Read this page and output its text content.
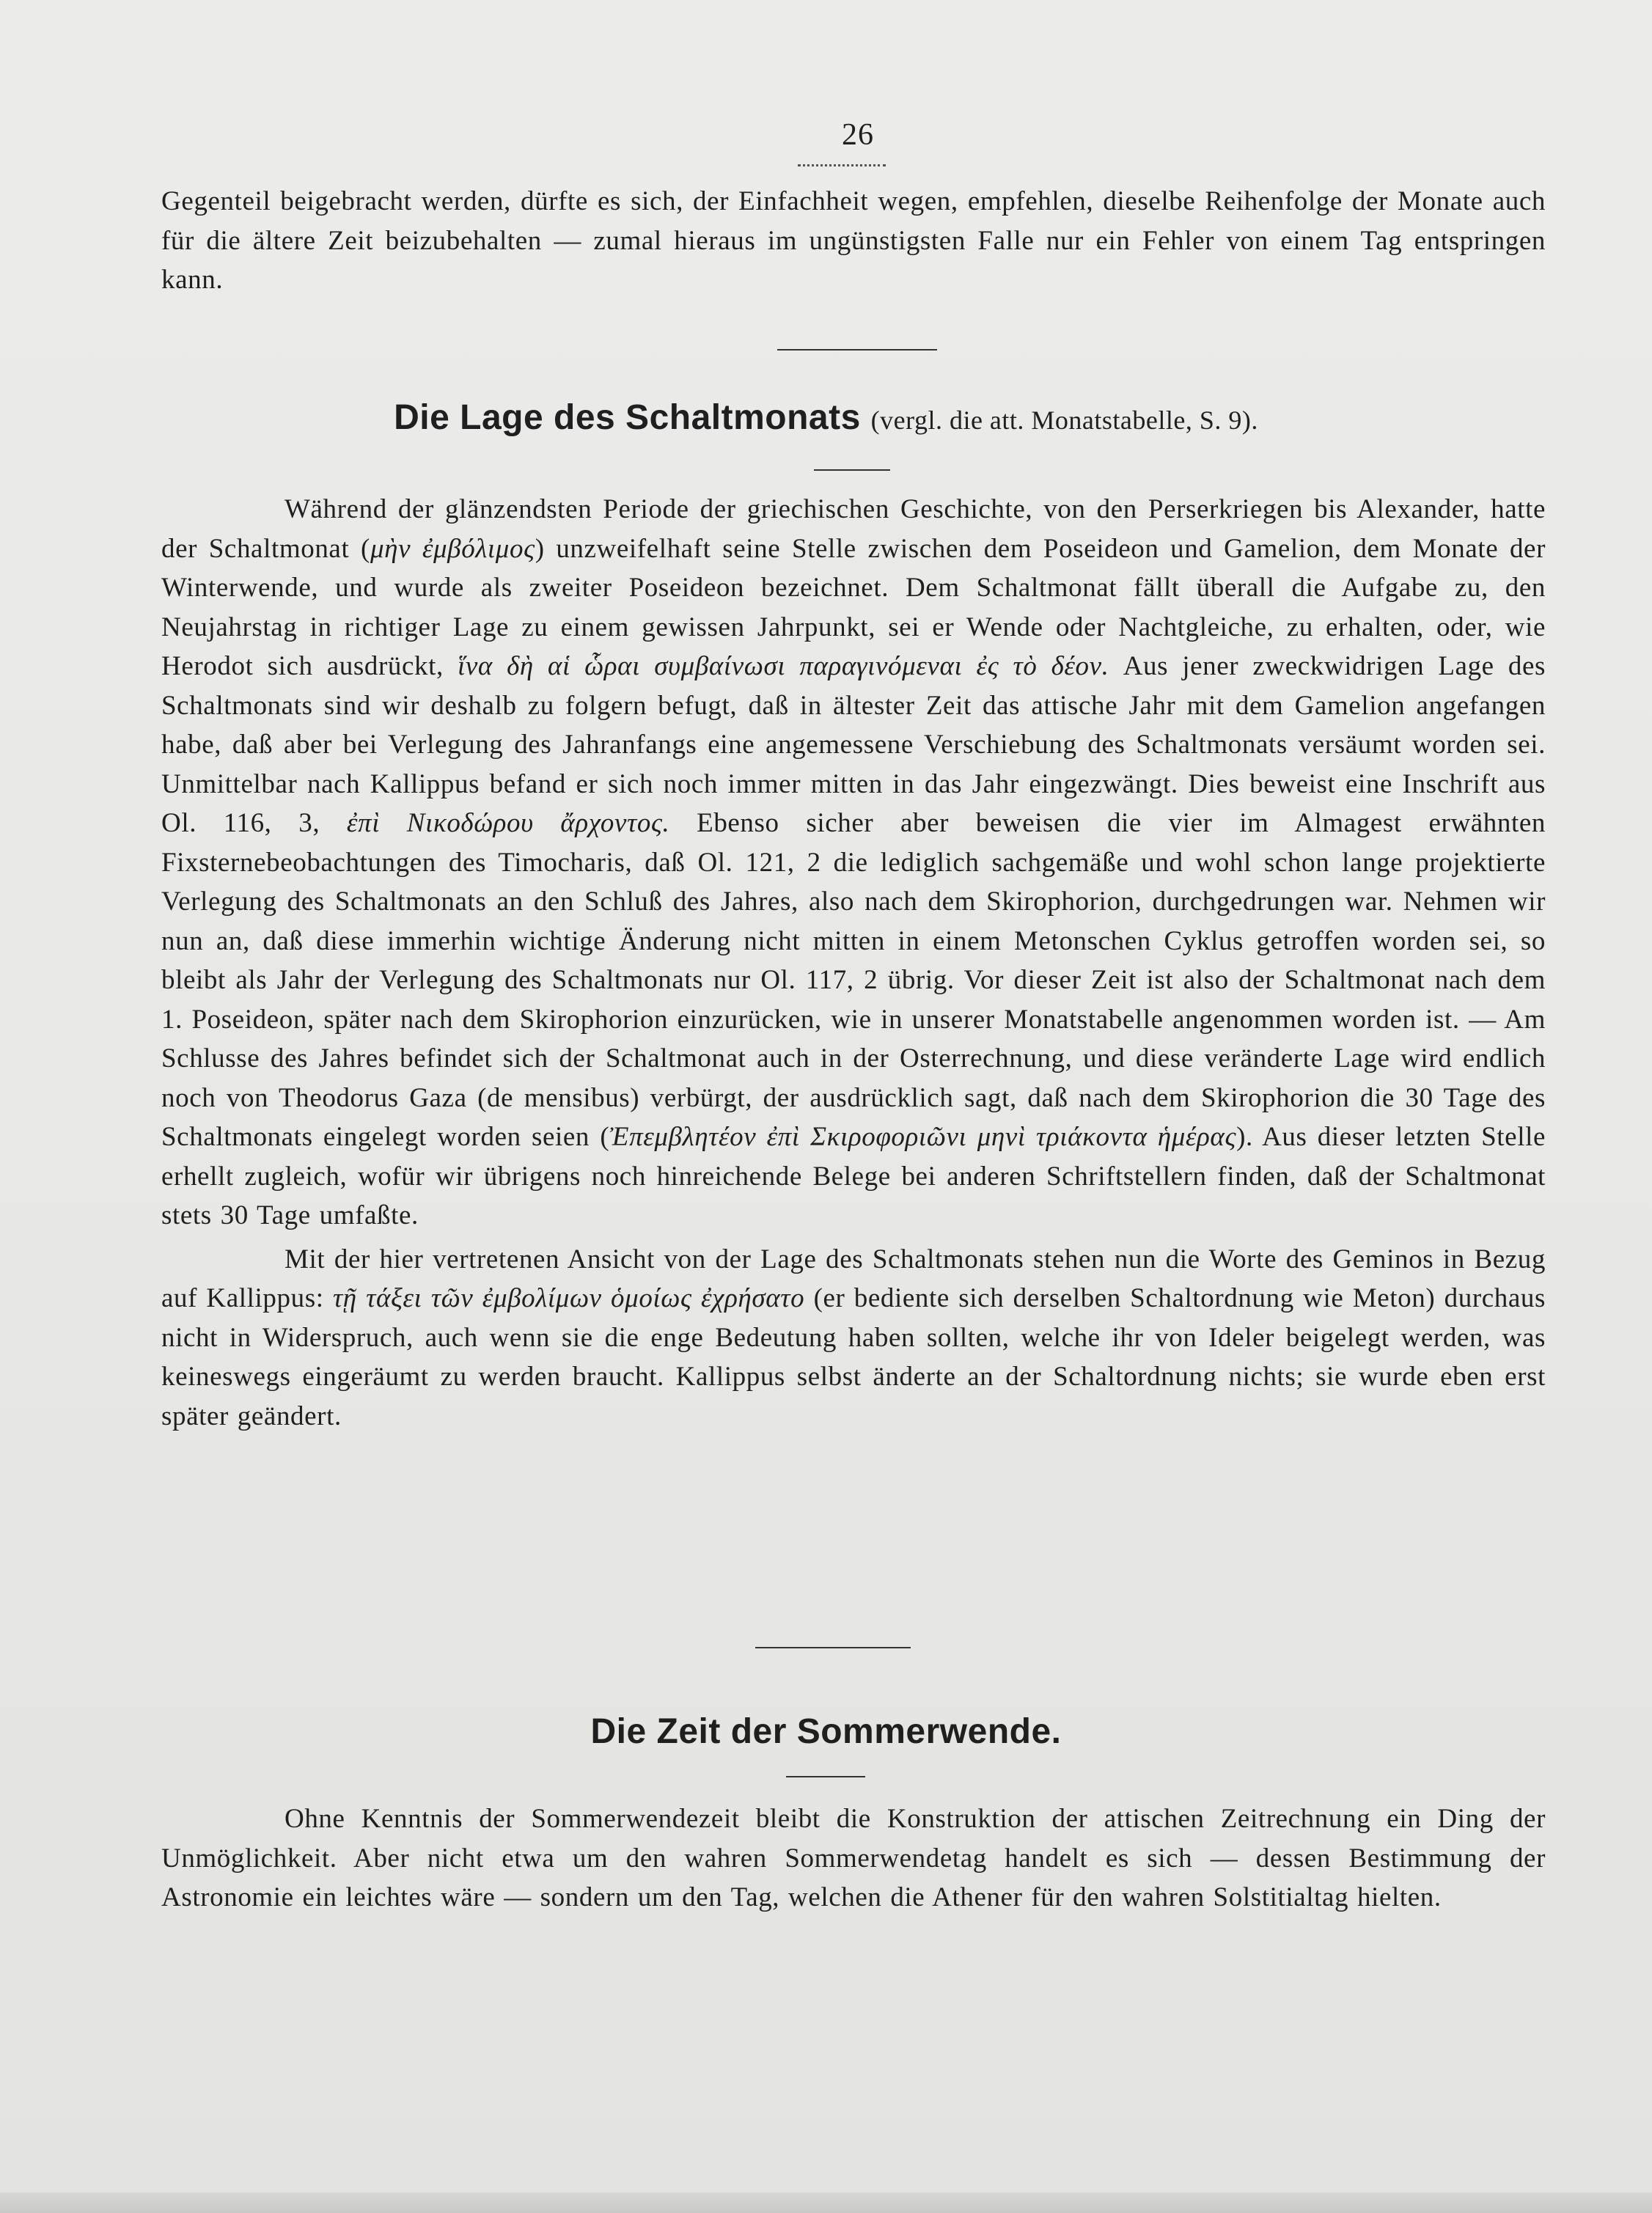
26

Gegenteil beigebracht werden, dürfte es sich, der Einfachheit wegen, empfehlen, dieselbe Reihenfolge der Monate auch für die ältere Zeit beizubehalten — zumal hieraus im ungünstigsten Falle nur ein Fehler von einem Tag entspringen kann.

Die Lage des Schaltmonats (vergl. die att. Monatstabelle, S. 9).

Während der glänzendsten Periode der griechischen Geschichte, von den Perserkriegen bis Alexander, hatte der Schaltmonat (μὴν ἐμβόλιμος) unzweifelhaft seine Stelle zwischen dem Poseideon und Gamelion, dem Monate der Winterwende, und wurde als zweiter Poseideon bezeichnet. Dem Schaltmonat fällt überall die Aufgabe zu, den Neujahrstag in richtiger Lage zu einem gewissen Jahrpunkt, sei er Wende oder Nachtgleiche, zu erhalten, oder, wie Herodot sich ausdrückt, ἵνα δὴ αἱ ὧραι συμβαίνωσι παραγινόμεναι ἐς τὸ δέον. Aus jener zweckwidrigen Lage des Schaltmonats sind wir deshalb zu folgern befugt, daß in ältester Zeit das attische Jahr mit dem Gamelion angefangen habe, daß aber bei Verlegung des Jahranfangs eine angemessene Verschiebung des Schaltmonats versäumt worden sei. Unmittelbar nach Kallippus befand er sich noch immer mitten in das Jahr eingezwängt. Dies beweist eine Inschrift aus Ol. 116, 3, ἐπὶ Νικοδώρου ἄρχοντος. Ebenso sicher aber beweisen die vier im Almagest erwähnten Fixsternebeobachtungen des Timocharis, daß Ol. 121, 2 die lediglich sachgemäße und wohl schon lange projektierte Verlegung des Schaltmonats an den Schluß des Jahres, also nach dem Skirophorion, durchgedrungen war. Nehmen wir nun an, daß diese immerhin wichtige Änderung nicht mitten in einem Metonschen Cyklus getroffen worden sei, so bleibt als Jahr der Verlegung des Schaltmonats nur Ol. 117, 2 übrig. Vor dieser Zeit ist also der Schaltmonat nach dem 1. Poseideon, später nach dem Skirophorion einzurücken, wie in unserer Monatstabelle angenommen worden ist. — Am Schlusse des Jahres befindet sich der Schaltmonat auch in der Osterrechnung, und diese veränderte Lage wird endlich noch von Theodorus Gaza (de mensibus) verbürgt, der ausdrücklich sagt, daß nach dem Skirophorion die 30 Tage des Schaltmonats eingelegt worden seien (Ἐπεμβλητέον ἐπὶ Σκιροφοριῶνι μηνὶ τριάκοντα ἡμέρας). Aus dieser letzten Stelle erhellt zugleich, wofür wir übrigens noch hinreichende Belege bei anderen Schriftstellern finden, daß der Schaltmonat stets 30 Tage umfaßte.

Mit der hier vertretenen Ansicht von der Lage des Schaltmonats stehen nun die Worte des Geminos in Bezug auf Kallippus: τῇ τάξει τῶν ἐμβολίμων ὁμοίως ἐχρήσατο (er bediente sich derselben Schaltordnung wie Meton) durchaus nicht in Widerspruch, auch wenn sie die enge Bedeutung haben sollten, welche ihr von Ideler beigelegt werden, was keineswegs eingeräumt zu werden braucht. Kallippus selbst änderte an der Schaltordnung nichts; sie wurde eben erst später geändert.

Die Zeit der Sommerwende.

Ohne Kenntnis der Sommerwendezeit bleibt die Konstruktion der attischen Zeitrechnung ein Ding der Unmöglichkeit. Aber nicht etwa um den wahren Sommerwendetag handelt es sich — dessen Bestimmung der Astronomie ein leichtes wäre — sondern um den Tag, welchen die Athener für den wahren Solstitialtag hielten.
